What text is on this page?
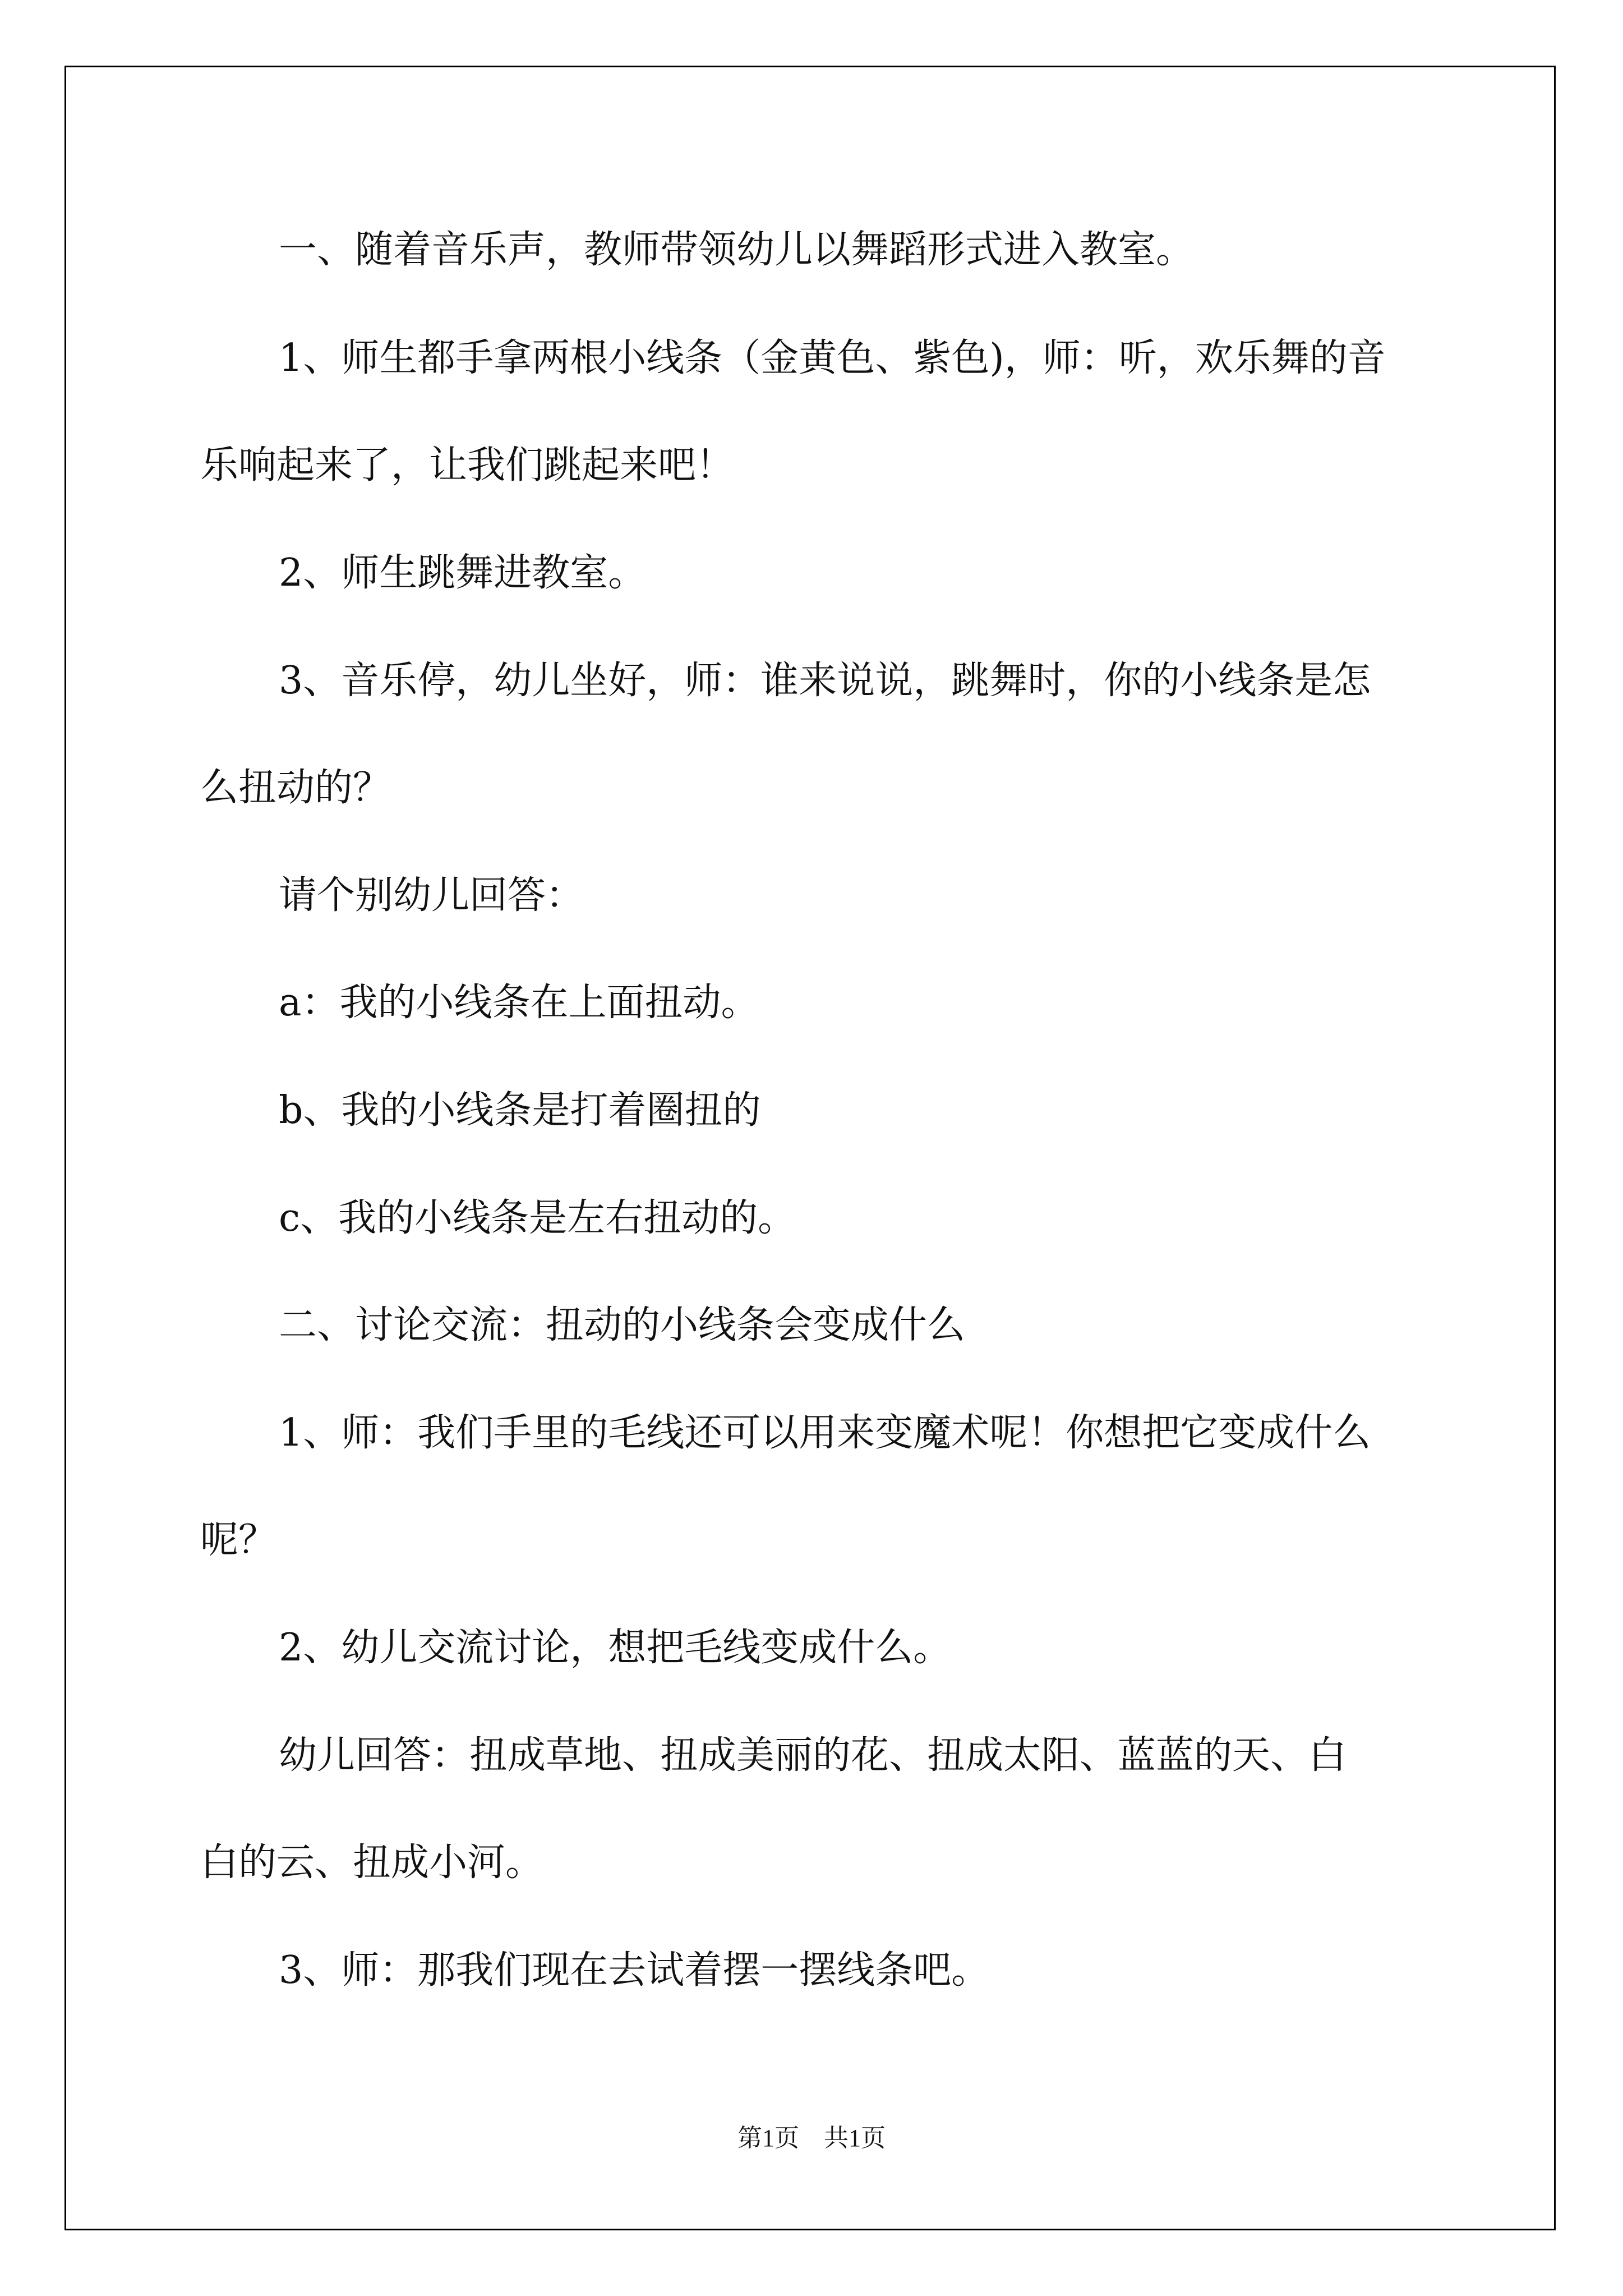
一、随着音乐声，教师带领幼儿以舞蹈形式进入教室。
1、师生都手拿两根小线条（金黄色、紫色)，师：听，欢乐舞的音
乐响起来了，让我们跳起来吧！
2、师生跳舞进教室。
3、音乐停，幼儿坐好，师：谁来说说，跳舞时，你的小线条是怎
么扭动的？
请个别幼儿回答：
a：我的小线条在上面扭动。
b、我的小线条是打着圈扭的
c、我的小线条是左右扭动的。
二、讨论交流：扭动的小线条会变成什么
1、师：我们手里的毛线还可以用来变魔术呢！你想把它变成什么
呢？
2、幼儿交流讨论，想把毛线变成什么。
幼儿回答：扭成草地、扭成美丽的花、扭成太阳、蓝蓝的天、白
白的云、扭成小河。
3、师：那我们现在去试着摆一摆线条吧。
第1页　共1页
